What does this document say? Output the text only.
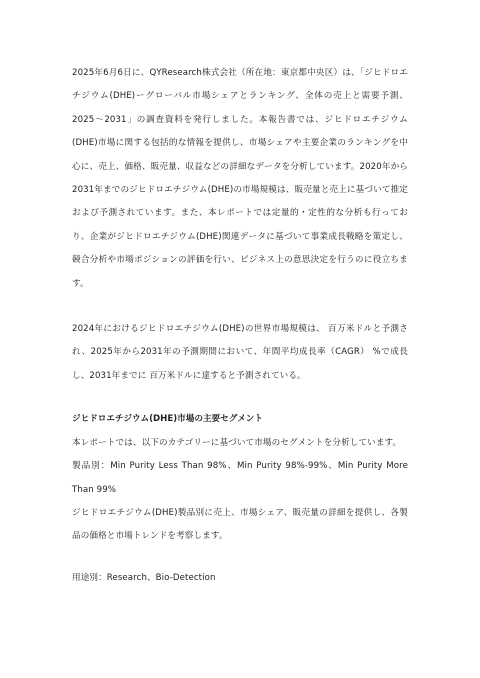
2025年6月6日に、QYResearch株式会社（所在地：東京都中央区）は、「ジヒドロエチジウム(DHE)ーグローバル市場シェアとランキング、全体の売上と需要予測、2025〜2031」の調査資料を発行しました。本報告書では、ジヒドロエチジウム(DHE)市場に関する包括的な情報を提供し、市場シェアや主要企業のランキングを中心に、売上、価格、販売量、収益などの詳細なデータを分析しています。2020年から2031年までのジヒドロエチジウム(DHE)の市場規模は、販売量と売上に基づいて推定および予測されています。また、本レポートでは定量的・定性的な分析も行っており、企業がジヒドロエチジウム(DHE)関連データに基づいて事業成長戦略を策定し、競合分析や市場ポジションの評価を行い、ビジネス上の意思決定を行うのに役立ちます。

2024年におけるジヒドロエチジウム(DHE)の世界市場規模は、 百万米ドルと予測され、2025年から2031年の予測期間において、年間平均成長率（CAGR） %で成長し、2031年までに 百万米ドルに達すると予測されている。

ジヒドロエチジウム(DHE)市場の主要セグメント

本レポートでは、以下のカテゴリーに基づいて市場のセグメントを分析しています。

製品別：Min Purity Less Than 98%、Min Purity 98%-99%、Min Purity More Than 99%

ジヒドロエチジウム(DHE)製品別に売上、市場シェア、販売量の詳細を提供し、各製品の価格と市場トレンドを考察します。

用途別：Research、Bio-Detection
